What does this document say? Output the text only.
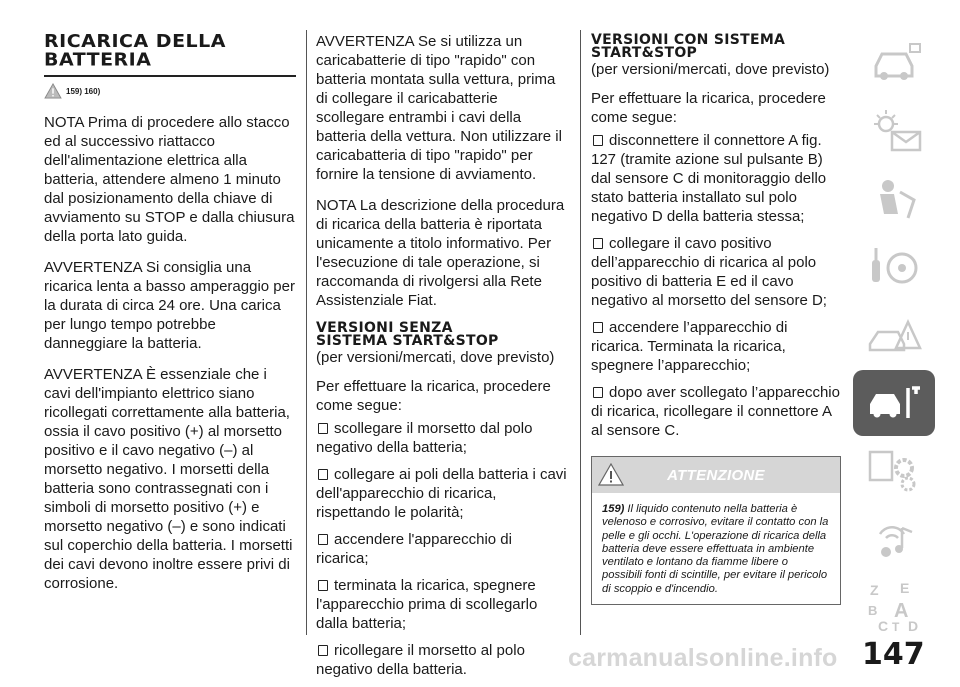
RICARICA DELLA
BATTERIA
159) 160)

NOTA Prima di procedere allo stacco ed al successivo riattacco dell'alimentazione elettrica alla batteria, attendere almeno 1 minuto dal posizionamento della chiave di avviamento su STOP e dalla chiusura della porta lato guida.

AVVERTENZA Si consiglia una ricarica lenta a basso amperaggio per la durata di circa 24 ore. Una carica per lungo tempo potrebbe danneggiare la batteria.

AVVERTENZA È essenziale che i cavi dell'impianto elettrico siano ricollegati correttamente alla batteria, ossia il cavo positivo (+) al morsetto positivo e il cavo negativo (–) al morsetto negativo. I morsetti della batteria sono contrassegnati con i simboli di morsetto positivo (+) e morsetto negativo (–) e sono indicati sul coperchio della batteria. I morsetti dei cavi devono inoltre essere privi di corrosione.

AVVERTENZA Se si utilizza un caricabatterie di tipo "rapido" con batteria montata sulla vettura, prima di collegare il caricabatterie scollegare entrambi i cavi della batteria della vettura. Non utilizzare il caricabatteria di tipo "rapido" per fornire la tensione di avviamento.

NOTA La descrizione della procedura di ricarica della batteria è riportata unicamente a titolo informativo. Per l'esecuzione di tale operazione, si raccomanda di rivolgersi alla Rete Assistenziale Fiat.

VERSIONI SENZA
SISTEMA START&STOP

(per versioni/mercati, dove previsto)

Per effettuare la ricarica, procedere come segue:

scollegare il morsetto dal polo negativo della batteria;
collegare ai poli della batteria i cavi dell'apparecchio di ricarica, rispettando le polarità;
accendere l'apparecchio di ricarica;
terminata la ricarica, spegnere l'apparecchio prima di scollegarlo dalla batteria;
ricollegare il morsetto al polo negativo della batteria.
VERSIONI CON SISTEMA
START&STOP

(per versioni/mercati, dove previsto)

Per effettuare la ricarica, procedere come segue:

disconnettere il connettore A fig. 127 (tramite azione sul pulsante B) dal sensore C di monitoraggio dello stato batteria installato sul polo negativo D della batteria stessa;
collegare il cavo positivo dell’apparecchio di ricarica al polo positivo di batteria E ed il cavo negativo al morsetto del sensore D;
accendere l’apparecchio di ricarica. Terminata la ricarica, spegnere l’apparecchio;
dopo aver scollegato l’apparecchio di ricarica, ricollegare il connettore A al sensore C.
ATTENZIONE
159) Il liquido contenuto nella batteria è velenoso e corrosivo, evitare il contatto con la pelle e gli occhi. L'operazione di ricarica della batteria deve essere effettuata in ambiente ventilato e lontano da fiamme libere o possibili fonti di scintille, per evitare il pericolo di scoppio e d'incendio.	Z E
B A
C T D
carmanualsonline.info 147
